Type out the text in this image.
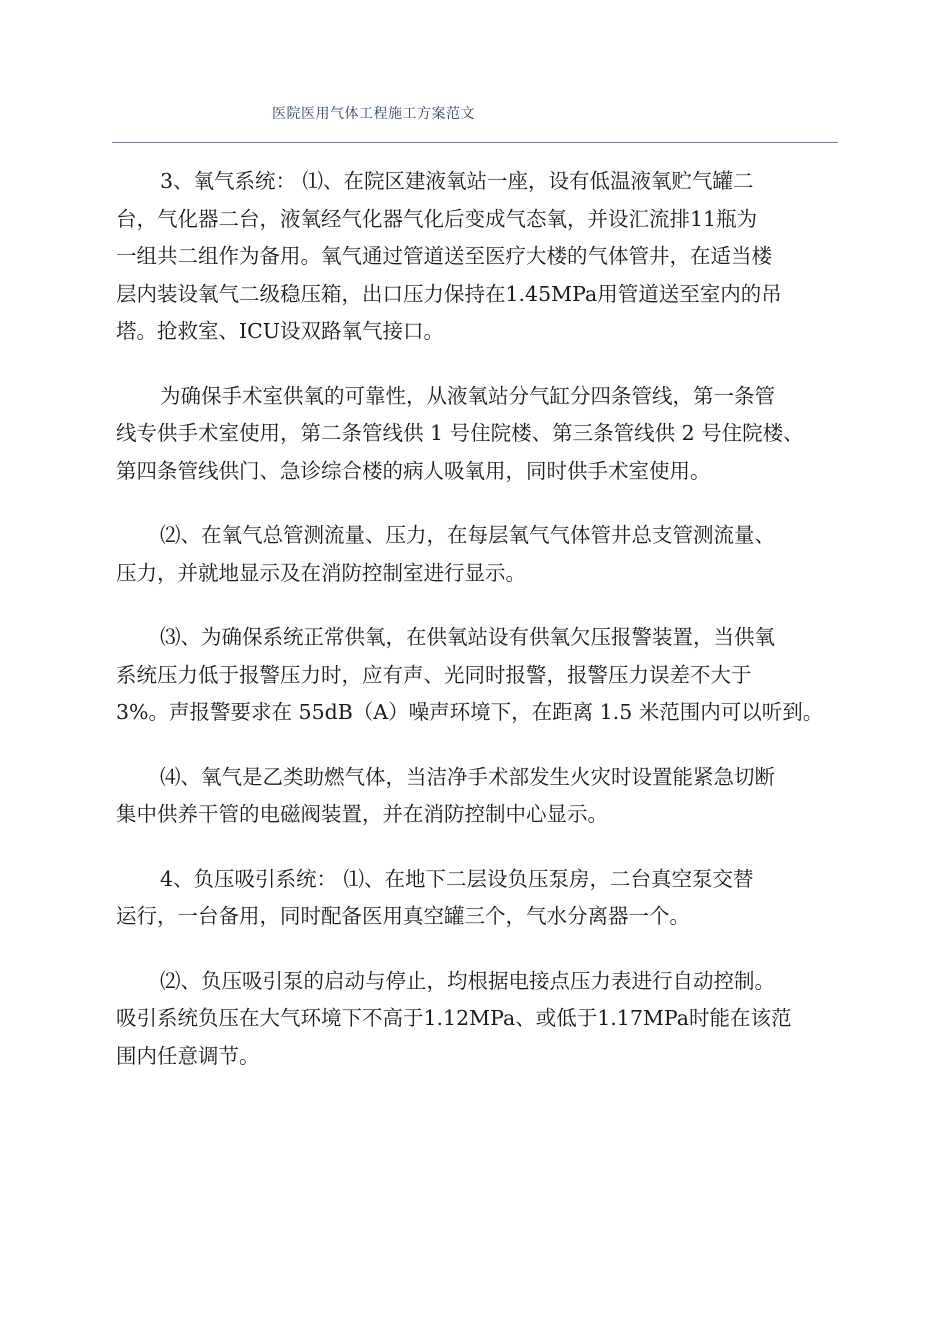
医院医用气体工程施工方案范文

3、氧气系统： ⑴、在院区建液氧站一座，设有低温液氧贮气罐二
台，气化器二台，液氧经气化器气化后变成气态氧，并设汇流排11瓶为
一组共二组作为备用。氧气通过管道送至医疗大楼的气体管井，在适当楼
层内装设氧气二级稳压箱，出口压力保持在1.45MPa用管道送至室内的吊
塔。抢救室、ICU设双路氧气接口。

为确保手术室供氧的可靠性，从液氧站分气缸分四条管线，第一条管
线专供手术室使用，第二条管线供 1 号住院楼、第三条管线供 2 号住院楼、
第四条管线供门、急诊综合楼的病人吸氧用，同时供手术室使用。

⑵、在氧气总管测流量、压力，在每层氧气气体管井总支管测流量、
压力，并就地显示及在消防控制室进行显示。

⑶、为确保系统正常供氧，在供氧站设有供氧欠压报警装置，当供氧
系统压力低于报警压力时，应有声、光同时报警，报警压力误差不大于
3%。声报警要求在 55dB（A）噪声环境下，在距离 1.5 米范围内可以听到。

⑷、氧气是乙类助燃气体，当洁净手术部发生火灾时设置能紧急切断
集中供养干管的电磁阀装置，并在消防控制中心显示。

4、负压吸引系统： ⑴、在地下二层设负压泵房，二台真空泵交替
运行，一台备用，同时配备医用真空罐三个，气水分离器一个。

⑵、负压吸引泵的启动与停止，均根据电接点压力表进行自动控制。
吸引系统负压在大气环境下不高于1.12MPa、或低于1.17MPa时能在该范
围内任意调节。
